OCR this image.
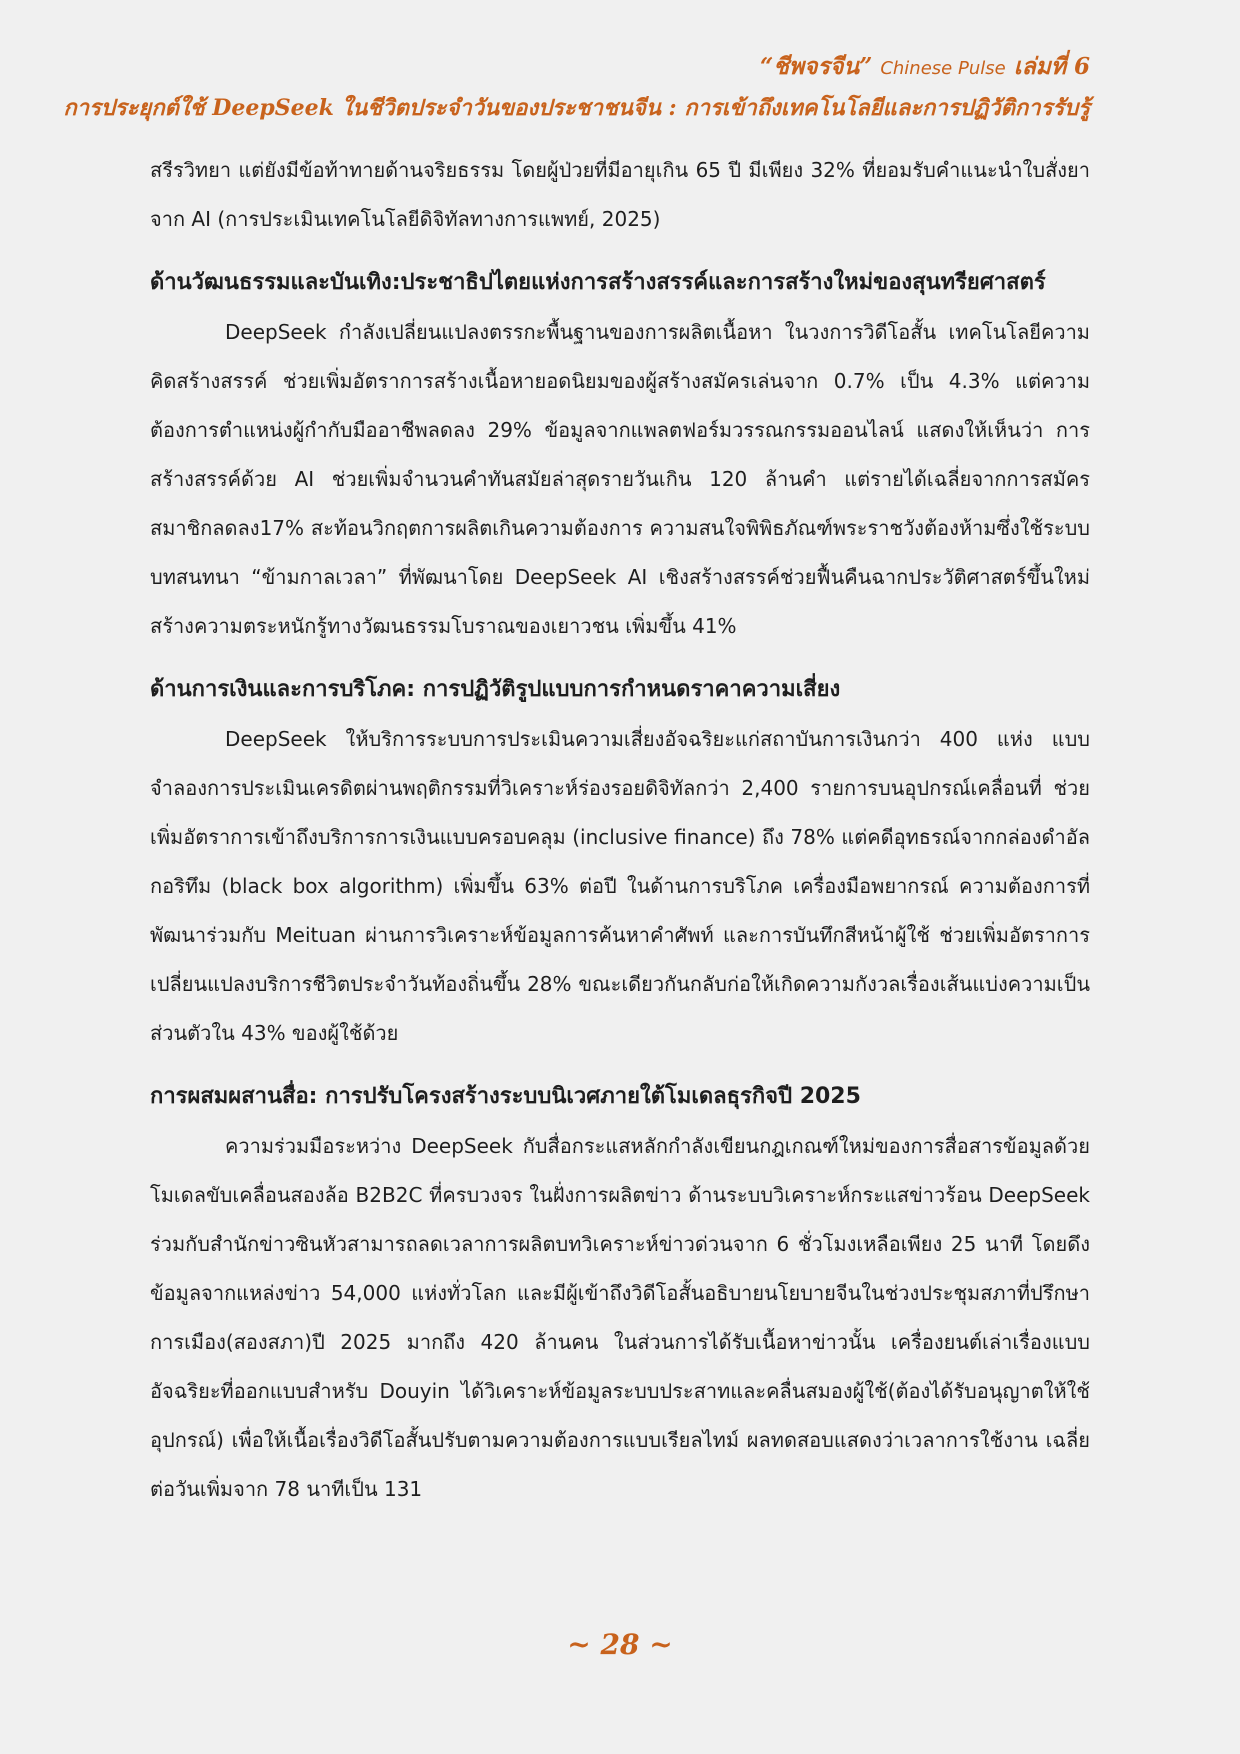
“ชีพจรจีน” Chinese Pulse เล่มที่ 6
การประยุกต์ใช้ DeepSeek ในชีวิตประจำวันของประชาชนจีน : การเข้าถึงเทคโนโลยีและการปฏิวัติการรับรู้

สรีรวิทยา แต่ยังมีข้อท้าทายด้านจริยธรรม โดยผู้ป่วยที่มีอายุเกิน 65 ปี มีเพียง 32% ที่ยอมรับคำแนะนำใบสั่งยาจาก AI (การประเมินเทคโนโลยีดิจิทัลทางการแพทย์, 2025)

ด้านวัฒนธรรมและบันเทิง:ประชาธิปไตยแห่งการสร้างสรรค์และการสร้างใหม่ของสุนทรียศาสตร์

DeepSeek กำลังเปลี่ยนแปลงตรรกะพื้นฐานของการผลิตเนื้อหา ในวงการวิดีโอสั้น เทคโนโลยีความคิดสร้างสรรค์ ช่วยเพิ่มอัตราการสร้างเนื้อหายอดนิยมของผู้สร้างสมัครเล่นจาก 0.7% เป็น 4.3% แต่ความต้องการตำแหน่งผู้กำกับมืออาชีพลดลง 29% ข้อมูลจากแพลตฟอร์มวรรณกรรมออนไลน์ แสดงให้เห็นว่า การสร้างสรรค์ด้วย AI ช่วยเพิ่มจำนวนคำทันสมัยล่าสุดรายวันเกิน 120 ล้านคำ แต่รายได้เฉลี่ยจากการสมัครสมาชิกลดลง17% สะท้อนวิกฤตการผลิตเกินความต้องการ ความสนใจพิพิธภัณฑ์พระราชวังต้องห้ามซึ่งใช้ระบบบทสนทนา “ข้ามกาลเวลา” ที่พัฒนาโดย DeepSeek AI เชิงสร้างสรรค์ช่วยฟื้นคืนฉากประวัติศาสตร์ขึ้นใหม่ สร้างความตระหนักรู้ทางวัฒนธรรมโบราณของเยาวชน เพิ่มขึ้น 41%

ด้านการเงินและการบริโภค: การปฏิวัติรูปแบบการกำหนดราคาความเสี่ยง

DeepSeek ให้บริการระบบการประเมินความเสี่ยงอัจฉริยะแก่สถาบันการเงินกว่า 400 แห่ง แบบจำลองการประเมินเครดิตผ่านพฤติกรรมที่วิเคราะห์ร่องรอยดิจิทัลกว่า 2,400 รายการบนอุปกรณ์เคลื่อนที่ ช่วยเพิ่มอัตราการเข้าถึงบริการการเงินแบบครอบคลุม (inclusive finance) ถึง 78% แต่คดีอุทธรณ์จากกล่องดำอัลกอริทึม (black box algorithm) เพิ่มขึ้น 63% ต่อปี ในด้านการบริโภค เครื่องมือพยากรณ์ ความต้องการที่พัฒนาร่วมกับ Meituan ผ่านการวิเคราะห์ข้อมูลการค้นหาคำศัพท์ และการบันทึกสีหน้าผู้ใช้ ช่วยเพิ่มอัตราการเปลี่ยนแปลงบริการชีวิตประจำวันท้องถิ่นขึ้น 28% ขณะเดียวกันกลับก่อให้เกิดความกังวลเรื่องเส้นแบ่งความเป็นส่วนตัวใน 43% ของผู้ใช้ด้วย

การผสมผสานสื่อ: การปรับโครงสร้างระบบนิเวศภายใต้โมเดลธุรกิจปี 2025

ความร่วมมือระหว่าง DeepSeek กับสื่อกระแสหลักกำลังเขียนกฎเกณฑ์ใหม่ของการสื่อสารข้อมูลด้วยโมเดลขับเคลื่อนสองล้อ B2B2C ที่ครบวงจร ในฝั่งการผลิตข่าว ด้านระบบวิเคราะห์กระแสข่าวร้อน DeepSeek ร่วมกับสำนักข่าวซินหัวสามารถลดเวลาการผลิตบทวิเคราะห์ข่าวด่วนจาก 6 ชั่วโมงเหลือเพียง 25 นาที โดยดึงข้อมูลจากแหล่งข่าว 54,000 แห่งทั่วโลก และมีผู้เข้าถึงวิดีโอสั้นอธิบายนโยบายจีนในช่วงประชุมสภาที่ปรึกษาการเมือง(สองสภา)ปี 2025 มากถึง 420 ล้านคน ในส่วนการได้รับเนื้อหาข่าวนั้น เครื่องยนต์เล่าเรื่องแบบอัจฉริยะที่ออกแบบสำหรับ Douyin ได้วิเคราะห์ข้อมูลระบบประสาทและคลื่นสมองผู้ใช้(ต้องได้รับอนุญาตให้ใช้อุปกรณ์) เพื่อให้เนื้อเรื่องวิดีโอสั้นปรับตามความต้องการแบบเรียลไทม์ ผลทดสอบแสดงว่าเวลาการใช้งาน เฉลี่ยต่อวันเพิ่มจาก 78 นาทีเป็น 131

~ 28 ~
